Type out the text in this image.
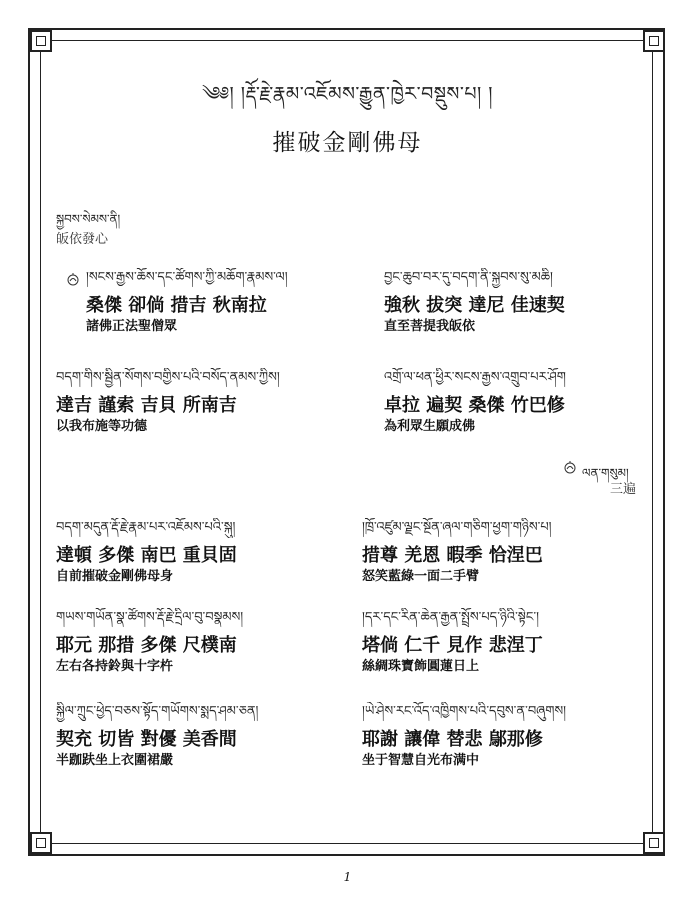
༄༅། །རྡོ་རྗེ་རྣམ་འཇོམས་རྒྱུན་ཁྱེར་བསྡུས་པ། །
摧破金剛佛母
སྐྱབས་སེམས་ནི།
皈依發心
།སངས་རྒྱས་ཆོས་དང་ཚོགས་ཀྱི་མཆོག་རྣམས་ལ།
桑傑 卻倘 措吉 秋南拉
諸佛正法聖僧眾
བྱང་ཆུབ་བར་དུ་བདག་ནི་སྐྱབས་སུ་མཆི།
強秋 拔突 達尼 佳速契
直至菩提我皈依
བདག་གིས་སྦྱིན་སོགས་བགྱིས་པའི་བསོད་ནམས་ཀྱིས།
達吉 謹索 吉貝 所南吉
以我布施等功德
འགྲོ་ལ་ཕན་ཕྱིར་སངས་རྒྱས་འགྲུབ་པར་ཤོག
卓拉 遍契 桑傑 竹巴修
為利眾生願成佛
ལན་གསུམ།
三遍
བདག་མདུན་རྡོ་རྗེ་རྣམ་པར་འཇོམས་པའི་སྐུ།
達頓 多傑 南巴 重貝固
自前摧破金剛佛母身
།ཁྲོ་འཛུམ་ལྗང་སྔོན་ཞལ་གཅིག་ཕྱག་གཉིས་པ།
措尊 羌恩 暇季 恰涅巴
怒笑藍綠一面二手臂
གཡས་གཡོན་སྣ་ཚོགས་རྡོ་རྗེ་དྲིལ་བུ་བསྣམས།
耶元 那措 多傑 尺樸南
左右各持鈴與十字杵
།དར་དང་རིན་ཆེན་རྒྱན་སྤྲོས་པད་ཉིའི་སྟེང་།
塔倘 仁千 見作 悲涅丁
絲綢珠寶飾圓蓮日上
སྐྱིལ་ཀྲུང་ཕྱེད་བཅས་སྟོད་གཡོགས་སྨད་ཤམ་ཅན།
契充 切皆 對優 美香間
半跏趺坐上衣圍裙嚴
།ཡེ་ཤེས་རང་འོད་འཁྱིགས་པའི་དབུས་ན་བཞུགས།
耶謝 讓偉 替悲 鄔那修
坐于智慧自光布满中
1
